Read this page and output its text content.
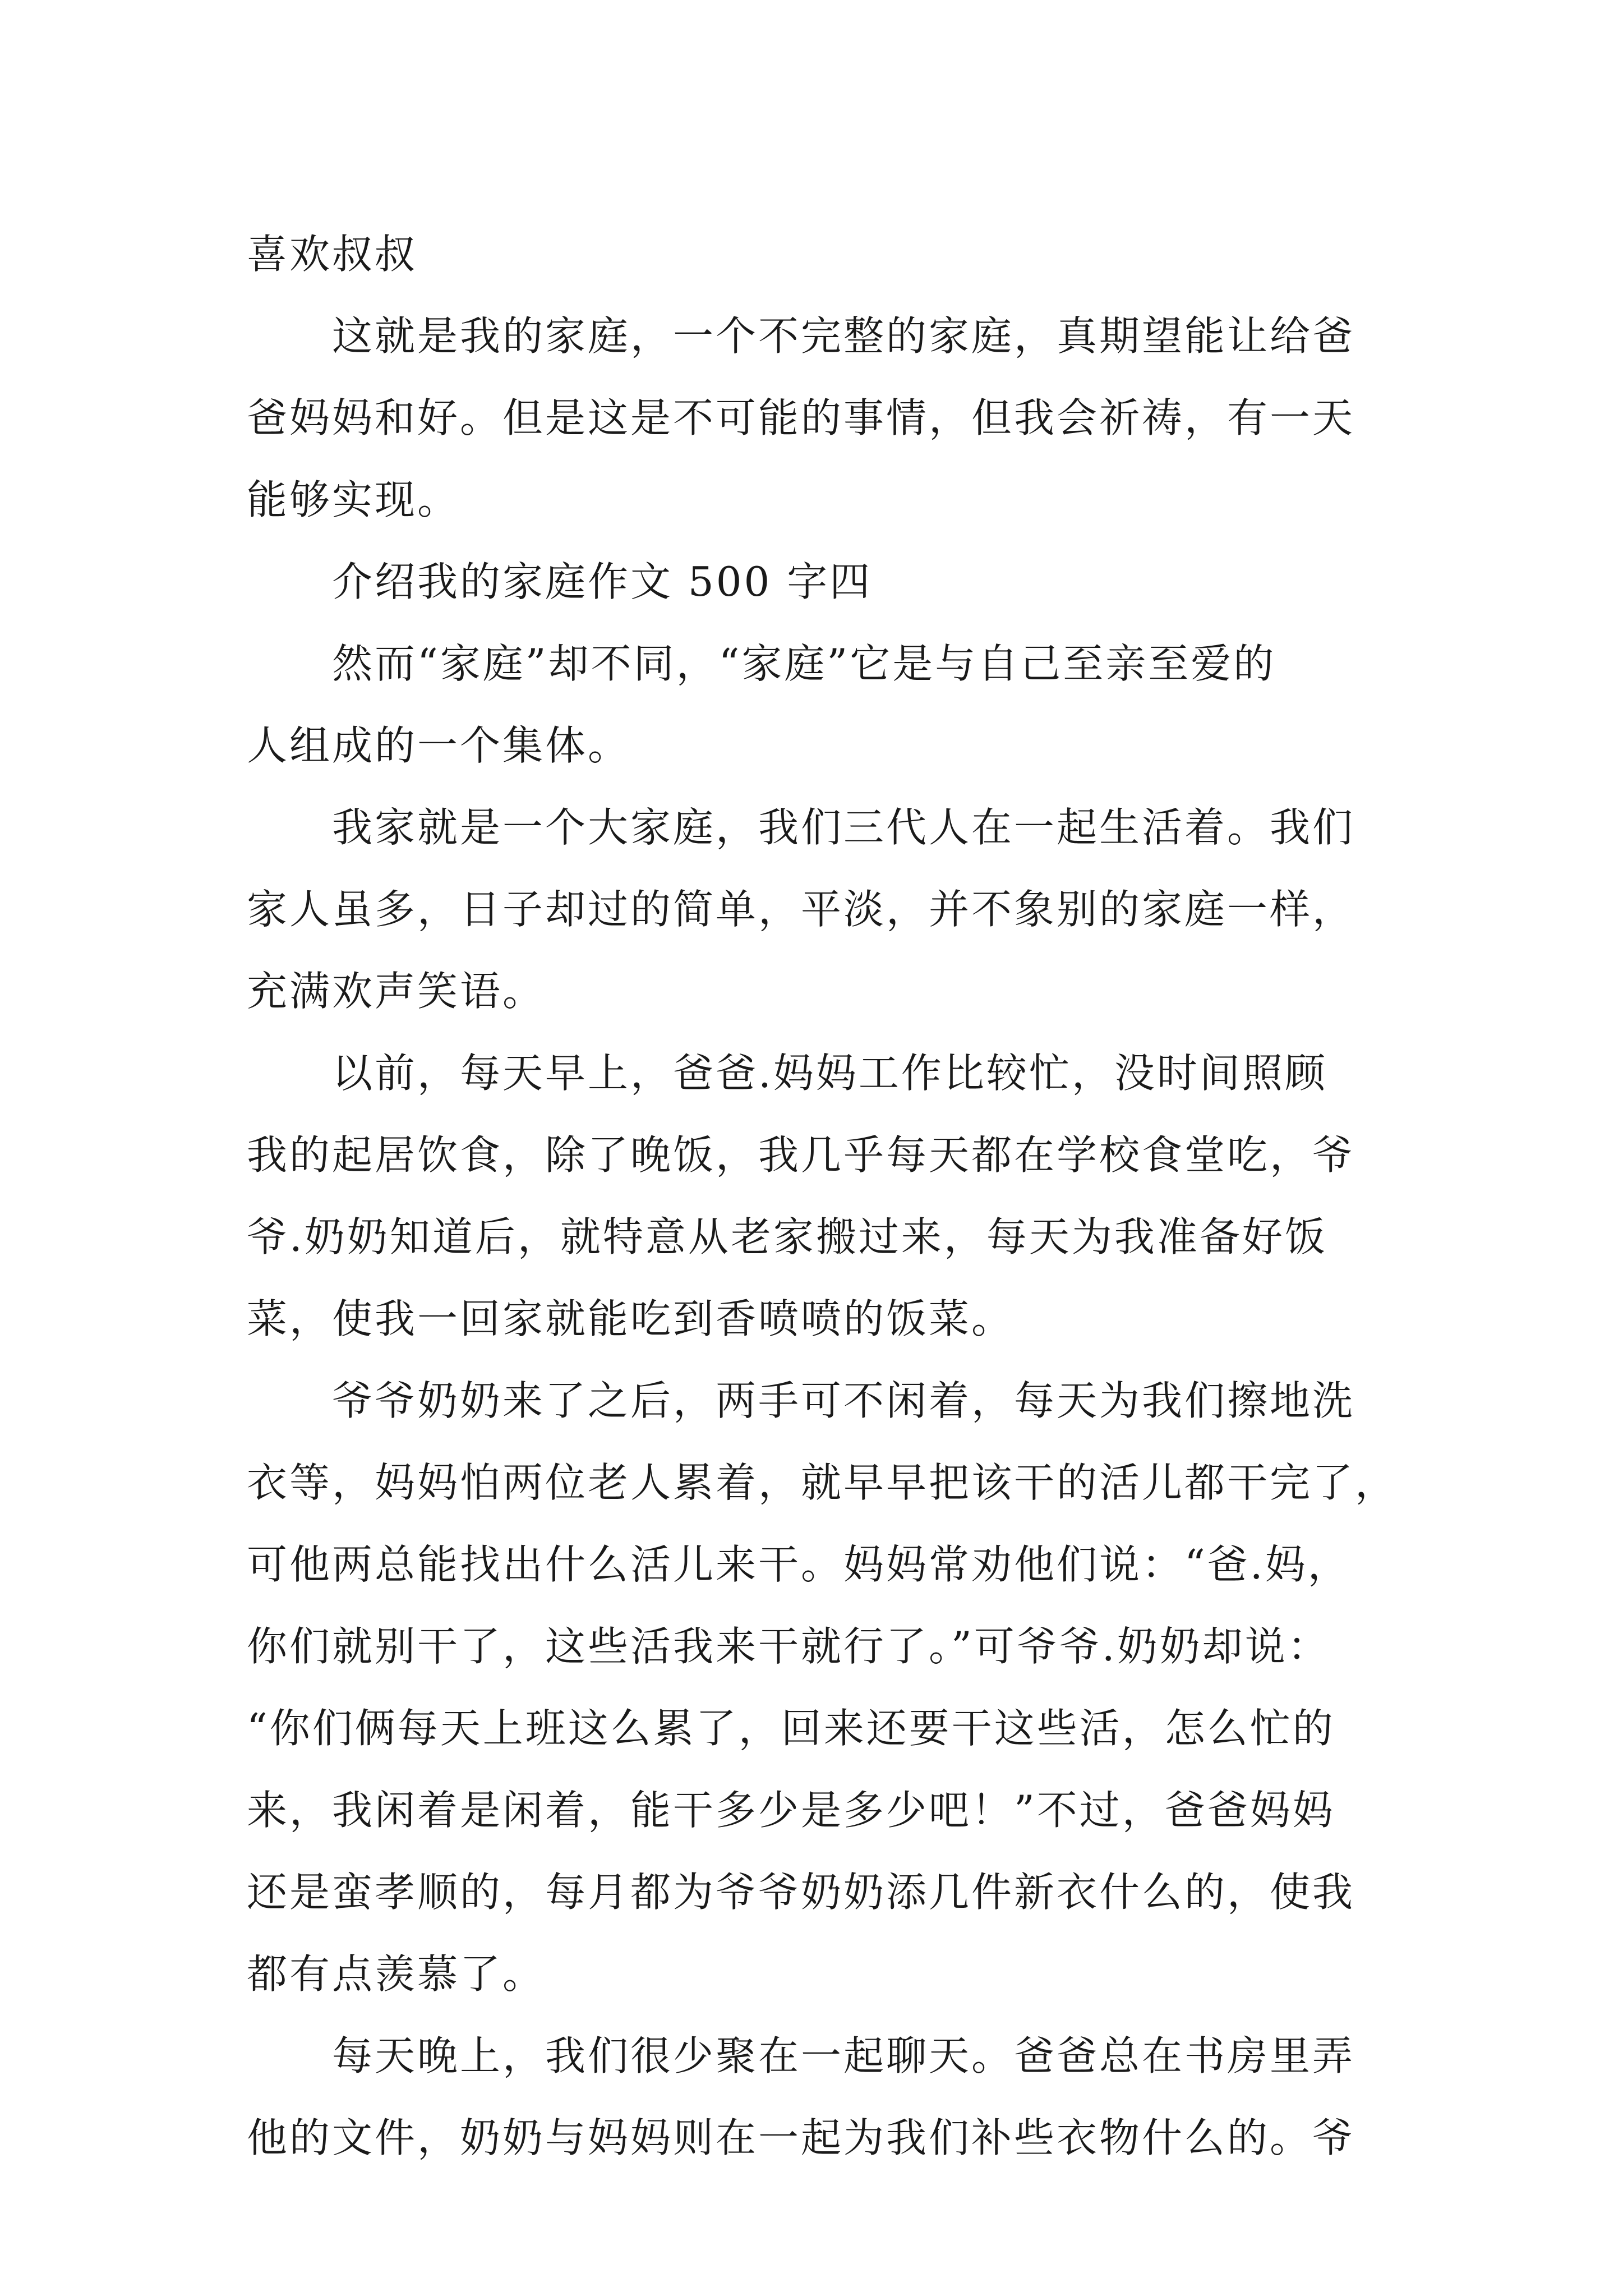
喜欢叔叔
　　这就是我的家庭，一个不完整的家庭，真期望能让给爸
爸妈妈和好。但是这是不可能的事情，但我会祈祷，有一天
能够实现。
　　介绍我的家庭作文 500 字四
　　然而“家庭”却不同，“家庭”它是与自己至亲至爱的
人组成的一个集体。
　　我家就是一个大家庭，我们三代人在一起生活着。我们
家人虽多，日子却过的简单，平淡，并不象别的家庭一样，
充满欢声笑语。
　　以前，每天早上，爸爸.妈妈工作比较忙，没时间照顾
我的起居饮食，除了晚饭，我几乎每天都在学校食堂吃，爷
爷.奶奶知道后，就特意从老家搬过来，每天为我准备好饭
菜，使我一回家就能吃到香喷喷的饭菜。
　　爷爷奶奶来了之后，两手可不闲着，每天为我们擦地洗
衣等，妈妈怕两位老人累着，就早早把该干的活儿都干完了，
可他两总能找出什么活儿来干。妈妈常劝他们说：“爸.妈，
你们就别干了，这些活我来干就行了。”可爷爷.奶奶却说：
“你们俩每天上班这么累了，回来还要干这些活，怎么忙的
来，我闲着是闲着，能干多少是多少吧！”不过，爸爸妈妈
还是蛮孝顺的，每月都为爷爷奶奶添几件新衣什么的，使我
都有点羡慕了。
　　每天晚上，我们很少聚在一起聊天。爸爸总在书房里弄
他的文件，奶奶与妈妈则在一起为我们补些衣物什么的。爷
